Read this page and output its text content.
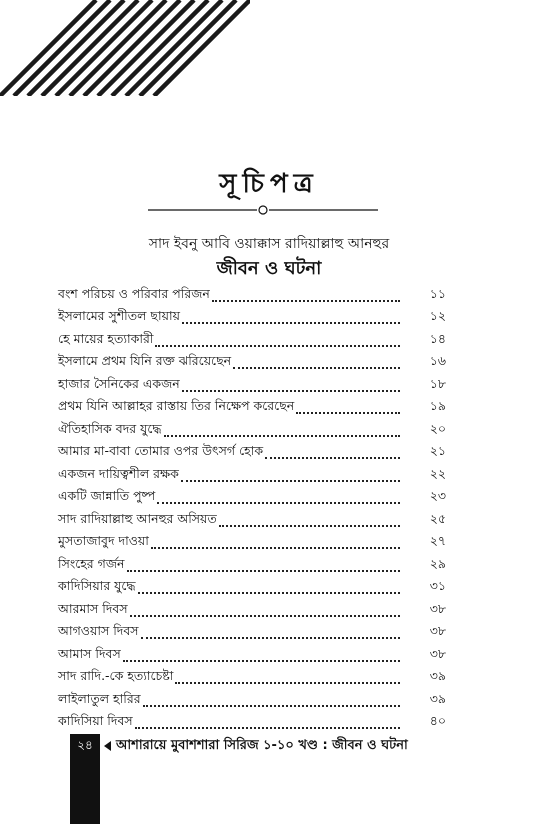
সূচিপত্র
সাদ ইবনু আবি ওয়াক্কাস রাদিয়াল্লাহু আনহুর
জীবন ও ঘটনা
বংশ পরিচয় ও পরিবার পরিজন	১১
ইসলামের সুশীতল ছায়ায়	১২
হে মায়ের হত্যাকারী	১৪
ইসলামে প্রথম যিনি রক্ত ঝরিয়েছেন	১৬
হাজার সৈনিকের একজন	১৮
প্রথম যিনি আল্লাহর রাস্তায় তির নিক্ষেপ করেছেন	১৯
ঐতিহাসিক বদর যুদ্ধে	২০
আমার মা-বাবা তোমার ওপর উৎসর্গ হোক	২১
একজন দায়িত্বশীল রক্ষক	২২
একটি জান্নাতি পুষ্প	২৩
সাদ রাদিয়াল্লাহু আনহুর অসিয়ত	২৫
মুসতাজাবুদ দাওয়া	২৭
সিংহের গর্জন	২৯
কাদিসিয়ার যুদ্ধে	৩১
আরমাস দিবস	৩৮
আগওয়াস দিবস	৩৮
আমাস দিবস	৩৮
সাদ রাদি.-কে হত্যাচেষ্টা	৩৯
লাইলাতুল হারির	৩৯
কাদিসিয়া দিবস	৪০
২৪	আশারায়ে মুবাশশারা সিরিজ ১-১০ খণ্ড : জীবন ও ঘটনা
